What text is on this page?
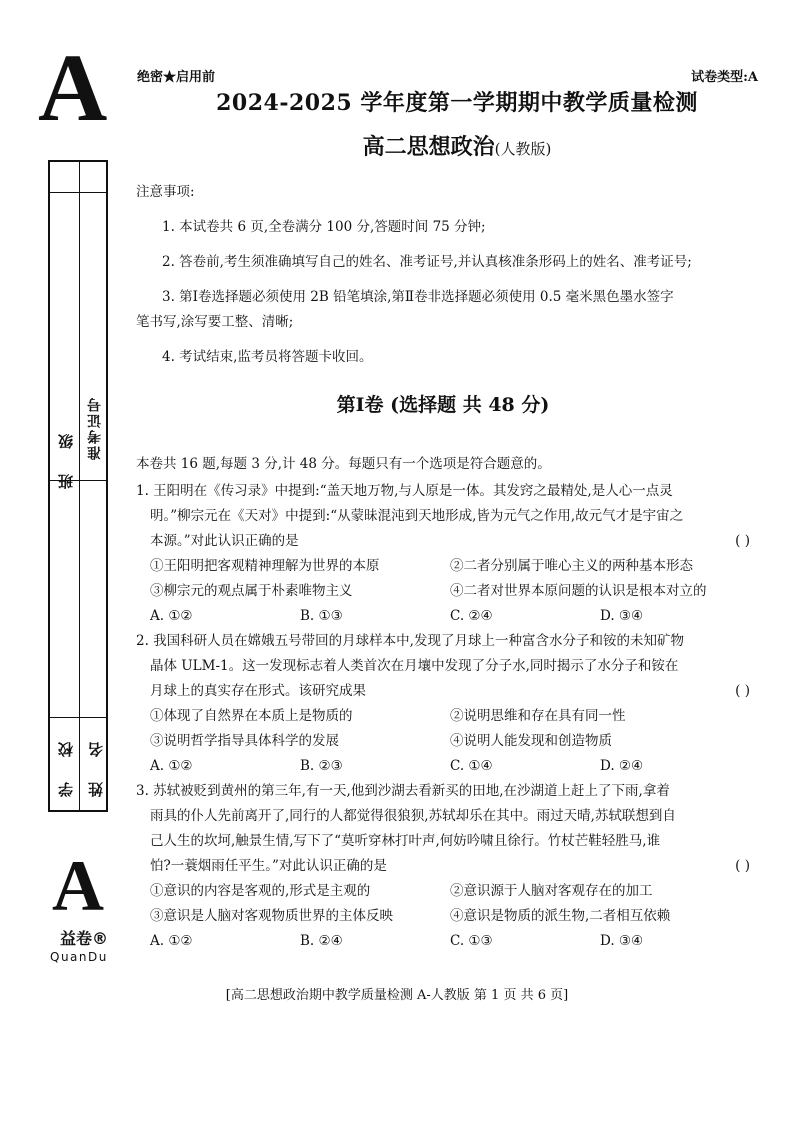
A 绝密★启用前	试卷类型:A
2024-2025 学年度第一学期期中教学质量检测
高二思想政治(人教版)
班 级 准考证号
学 校 姓 名
A
益卷®
QuanDu
注意事项:
1. 本试卷共 6 页,全卷满分 100 分,答题时间 75 分钟;
2. 答卷前,考生须准确填写自己的姓名、准考证号,并认真核准条形码上的姓名、准考证号;
3. 第Ⅰ卷选择题必须使用 2B 铅笔填涂,第Ⅱ卷非选择题必须使用 0.5 毫米黑色墨水签字
笔书写,涂写要工整、清晰;
4. 考试结束,监考员将答题卡收回。
第Ⅰ卷 (选择题 共 48 分)
本卷共 16 题,每题 3 分,计 48 分。每题只有一个选项是符合题意的。
1. 王阳明在《传习录》中提到:“盖天地万物,与人原是一体。其发窍之最精处,是人心一点灵
明。”柳宗元在《天对》中提到:“从蒙昧混沌到天地形成,皆为元气之作用,故元气才是宇宙之
本源。”对此认识正确的是	( )
①王阳明把客观精神理解为世界的本原	②二者分别属于唯心主义的两种基本形态
③柳宗元的观点属于朴素唯物主义	④二者对世界本原问题的认识是根本对立的
A. ①②	B. ①③	C. ②④	D. ③④
2. 我国科研人员在嫦娥五号带回的月球样本中,发现了月球上一种富含水分子和铵的未知矿物
晶体 ULM-1。这一发现标志着人类首次在月壤中发现了分子水,同时揭示了水分子和铵在
月球上的真实存在形式。该研究成果	( )
①体现了自然界在本质上是物质的	②说明思维和存在具有同一性
③说明哲学指导具体科学的发展	④说明人能发现和创造物质
A. ①②	B. ②③	C. ①④	D. ②④
3. 苏轼被贬到黄州的第三年,有一天,他到沙湖去看新买的田地,在沙湖道上赶上了下雨,拿着
雨具的仆人先前离开了,同行的人都觉得很狼狈,苏轼却乐在其中。雨过天晴,苏轼联想到自
己人生的坎坷,触景生情,写下了“莫听穿林打叶声,何妨吟啸且徐行。竹杖芒鞋轻胜马,谁
怕?一蓑烟雨任平生。”对此认识正确的是	( )
①意识的内容是客观的,形式是主观的	②意识源于人脑对客观存在的加工
③意识是人脑对客观物质世界的主体反映	④意识是物质的派生物,二者相互依赖
A. ①②	B. ②④	C. ①③	D. ③④
[高二思想政治期中教学质量检测 A-人教版 第 1 页 共 6 页]
